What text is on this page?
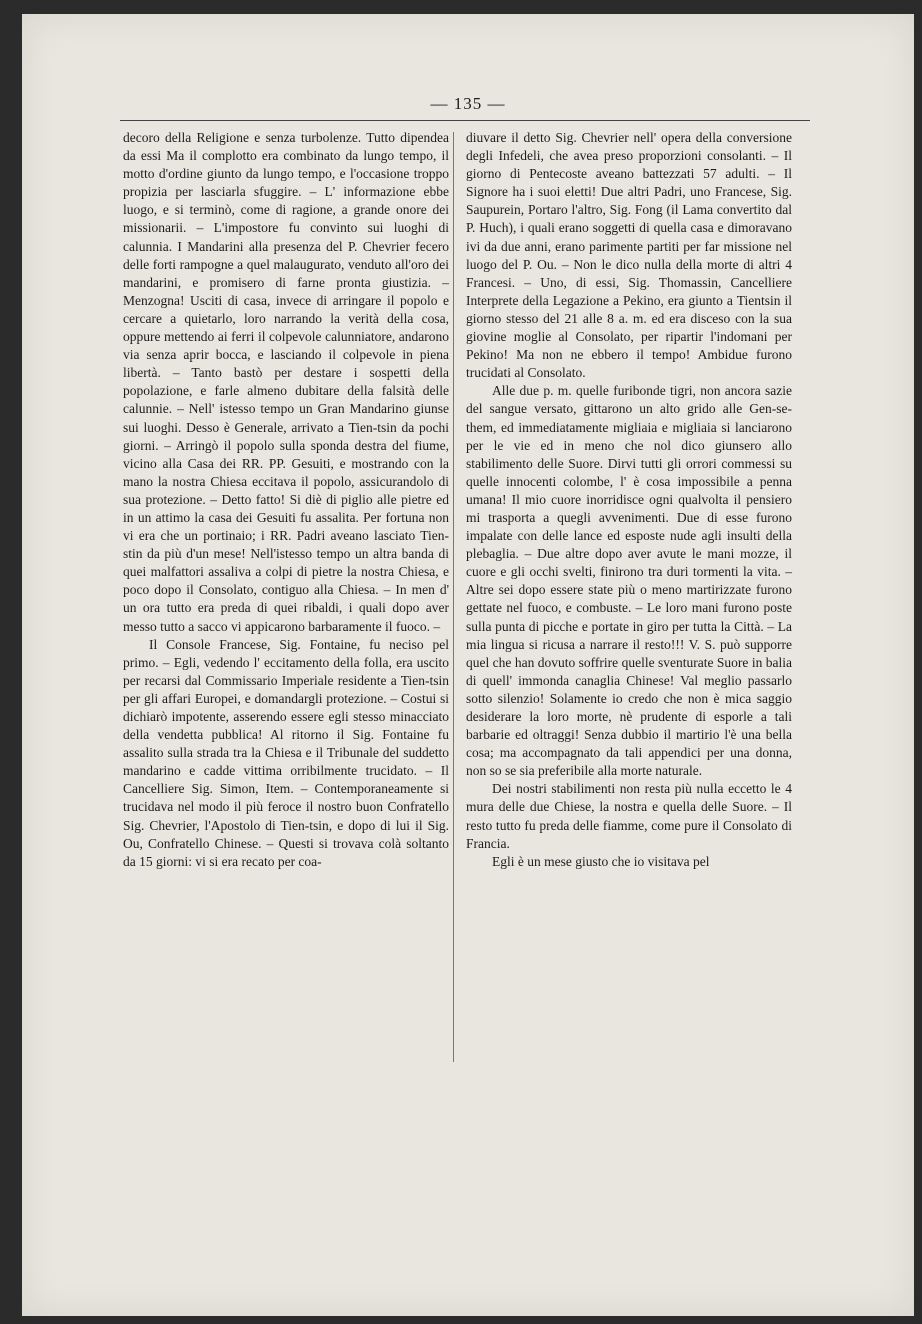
— 135 —

decoro della Religione e senza turbolenze. Tutto dipendea da essi Ma il complotto era combinato da lungo tempo, il motto d'ordine giunto da lungo tempo, e l'occasione troppo propizia per lasciarla sfuggire. – L' informazione ebbe luogo, e si terminò, come di ragione, a grande onore dei missionarii. – L'impostore fu convinto sui luoghi di calunnia. I Mandarini alla presenza del P. Chevrier fecero delle forti rampogne a quel malaugurato, venduto all'oro dei mandarini, e promisero di farne pronta giustizia. – Menzogna! Usciti di casa, invece di arringare il popolo e cercare a quietarlo, loro narrando la verità della cosa, oppure mettendo ai ferri il colpevole calunniatore, andarono via senza aprir bocca, e lasciando il colpevole in piena libertà. – Tanto bastò per destare i sospetti della popolazione, e farle almeno dubitare della falsità delle calunnie. – Nell' istesso tempo un Gran Mandarino giunse sui luoghi. Desso è Generale, arrivato a Tien-tsin da pochi giorni. – Arringò il popolo sulla sponda destra del fiume, vicino alla Casa dei RR. PP. Gesuiti, e mostrando con la mano la nostra Chiesa eccitava il popolo, assicurandolo di sua protezione. – Detto fatto! Si diè di piglio alle pietre ed in un attimo la casa dei Gesuiti fu assalita. Per fortuna non vi era che un portinaio; i RR. Padri aveano lasciato Tien-stin da più d'un mese! Nell'istesso tempo un altra banda di quei malfattori assaliva a colpi di pietre la nostra Chiesa, e poco dopo il Consolato, contiguo alla Chiesa. – In men d' un ora tutto era preda di quei ribaldi, i quali dopo aver messo tutto a sacco vi appicarono barbaramente il fuoco. –

Il Console Francese, Sig. Fontaine, fu neciso pel primo. – Egli, vedendo l' eccitamento della folla, era uscito per recarsi dal Commissario Imperiale residente a Tien-tsin per gli affari Europei, e domandargli protezione. – Costui si dichiarò impotente, asserendo essere egli stesso minacciato della vendetta pubblica! Al ritorno il Sig. Fontaine fu assalito sulla strada tra la Chiesa e il Tribunale del suddetto mandarino e cadde vittima orribilmente trucidato. – Il Cancelliere Sig. Simon, Item. – Contemporaneamente si trucidava nel modo il più feroce il nostro buon Confratello Sig. Chevrier, l'Apostolo di Tien-tsin, e dopo di lui il Sig. Ou, Confratello Chinese. – Questi si trovava colà soltanto da 15 giorni: vi si era recato per coa-

diuvare il detto Sig. Chevrier nell' opera della conversione degli Infedeli, che avea preso proporzioni consolanti. – Il giorno di Pentecoste aveano battezzati 57 adulti. – Il Signore ha i suoi eletti! Due altri Padri, uno Francese, Sig. Saupurein, Portaro l'altro, Sig. Fong (il Lama convertito dal P. Huch), i quali erano soggetti di quella casa e dimoravano ivi da due anni, erano parimente partiti per far missione nel luogo del P. Ou. – Non le dico nulla della morte di altri 4 Francesi. – Uno, di essi, Sig. Thomassin, Cancelliere Interprete della Legazione a Pekino, era giunto a Tientsin il giorno stesso del 21 alle 8 a. m. ed era disceso con la sua giovine moglie al Consolato, per ripartir l'indomani per Pekino! Ma non ne ebbero il tempo! Ambidue furono trucidati al Consolato.

Alle due p. m. quelle furibonde tigri, non ancora sazie del sangue versato, gittarono un alto grido alle Gen-se-them, ed immediatamente migliaia e migliaia si lanciarono per le vie ed in meno che nol dico giunsero allo stabilimento delle Suore. Dirvi tutti gli orrori commessi su quelle innocenti colombe, l' è cosa impossibile a penna umana! Il mio cuore inorridisce ogni qualvolta il pensiero mi trasporta a quegli avvenimenti. Due di esse furono impalate con delle lance ed esposte nude agli insulti della plebaglia. – Due altre dopo aver avute le mani mozze, il cuore e gli occhi svelti, finirono tra duri tormenti la vita. – Altre sei dopo essere state più o meno martirizzate furono gettate nel fuoco, e combuste. – Le loro mani furono poste sulla punta di picche e portate in giro per tutta la Città. – La mia lingua si ricusa a narrare il resto!!! V. S. può supporre quel che han dovuto soffrire quelle sventurate Suore in balia di quell' immonda canaglia Chinese! Val meglio passarlo sotto silenzio! Solamente io credo che non è mica saggio desiderare la loro morte, nè prudente di esporle a tali barbarie ed oltraggi! Senza dubbio il martirio l'è una bella cosa; ma accompagnato da tali appendici per una donna, non so se sia preferibile alla morte naturale.

Dei nostri stabilimenti non resta più nulla eccetto le 4 mura delle due Chiese, la nostra e quella delle Suore. – Il resto tutto fu preda delle fiamme, come pure il Consolato di Francia.

Egli è un mese giusto che io visitava pel
